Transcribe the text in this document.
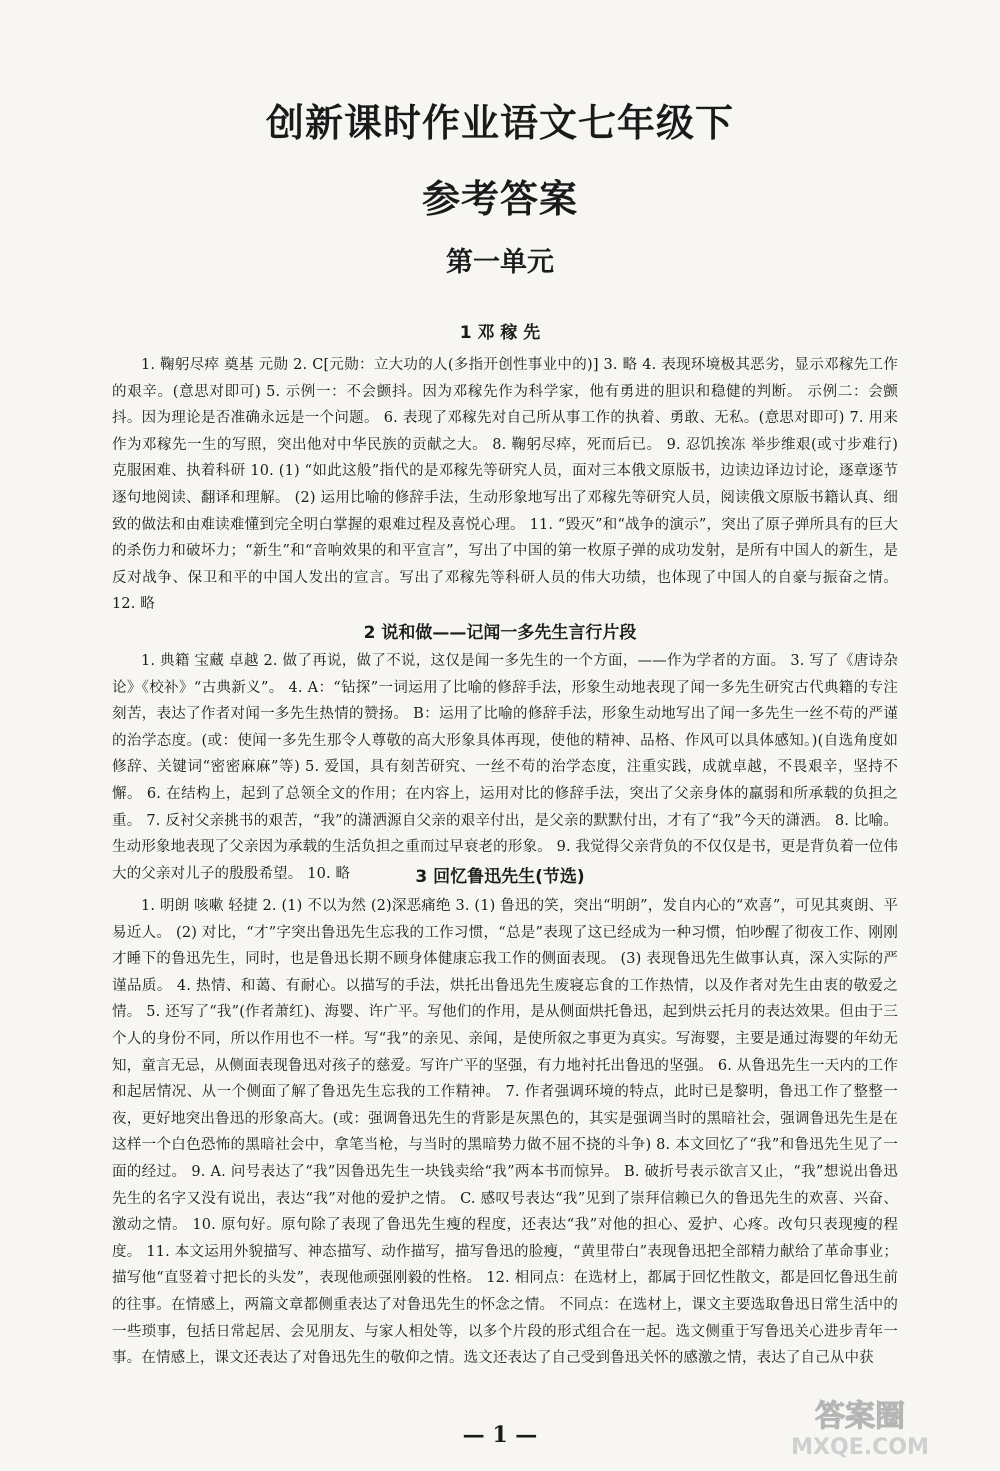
创新课时作业语文七年级下
参考答案
第一单元
1 邓 稼 先

1. 鞠躬尽瘁 奠基 元勋 2. C[元勋：立大功的人(多指开创性事业中的)] 3. 略 4. 表现环境极其恶劣，显示邓稼先工作的艰辛。(意思对即可) 5. 示例一：不会颤抖。因为邓稼先作为科学家，他有勇进的胆识和稳健的判断。 示例二：会颤抖。因为理论是否准确永远是一个问题。 6. 表现了邓稼先对自己所从事工作的执着、勇敢、无私。(意思对即可) 7. 用来作为邓稼先一生的写照，突出他对中华民族的贡献之大。 8. 鞠躬尽瘁，死而后已。 9. 忍饥挨冻 举步维艰(或寸步难行) 克服困难、执着科研 10. (1) “如此这般”指代的是邓稼先等研究人员，面对三本俄文原版书，边读边译边讨论，逐章逐节逐句地阅读、翻译和理解。 (2) 运用比喻的修辞手法，生动形象地写出了邓稼先等研究人员，阅读俄文原版书籍认真、细致的做法和由难读难懂到完全明白掌握的艰难过程及喜悦心理。 11. “毁灭”和“战争的演示”，突出了原子弹所具有的巨大的杀伤力和破坏力；“新生”和“音响效果的和平宣言”，写出了中国的第一枚原子弹的成功发射，是所有中国人的新生，是反对战争、保卫和平的中国人发出的宣言。写出了邓稼先等科研人员的伟大功绩，也体现了中国人的自豪与振奋之情。 12. 略

2 说和做——记闻一多先生言行片段

1. 典籍 宝藏 卓越 2. 做了再说，做了不说，这仅是闻一多先生的一个方面，——作为学者的方面。 3. 写了《唐诗杂论》《校补》“古典新义”。 4. A：“钻探”一词运用了比喻的修辞手法，形象生动地表现了闻一多先生研究古代典籍的专注刻苦，表达了作者对闻一多先生热情的赞扬。 B：运用了比喻的修辞手法，形象生动地写出了闻一多先生一丝不苟的严谨的治学态度。(或：使闻一多先生那令人尊敬的高大形象具体再现，使他的精神、品格、作风可以具体感知。)(自选角度如修辞、关键词“密密麻麻”等) 5. 爱国，具有刻苦研究、一丝不苟的治学态度，注重实践，成就卓越，不畏艰辛，坚持不懈。 6. 在结构上，起到了总领全文的作用；在内容上，运用对比的修辞手法，突出了父亲身体的羸弱和所承载的负担之重。 7. 反衬父亲挑书的艰苦，“我”的潇洒源自父亲的艰辛付出，是父亲的默默付出，才有了“我”今天的潇洒。 8. 比喻。生动形象地表现了父亲因为承载的生活负担之重而过早衰老的形象。 9. 我觉得父亲背负的不仅仅是书，更是背负着一位伟大的父亲对儿子的殷殷希望。 10. 略	3 回忆鲁迅先生(节选)

1. 明朗 咳嗽 轻捷 2. (1) 不以为然 (2)深恶痛绝 3. (1) 鲁迅的笑，突出“明朗”，发自内心的“欢喜”，可见其爽朗、平易近人。 (2) 对比，“才”字突出鲁迅先生忘我的工作习惯，“总是”表现了这已经成为一种习惯，怕吵醒了彻夜工作、刚刚才睡下的鲁迅先生，同时，也是鲁迅长期不顾身体健康忘我工作的侧面表现。 (3) 表现鲁迅先生做事认真，深入实际的严谨品质。 4. 热情、和蔼、有耐心。以描写的手法，烘托出鲁迅先生废寝忘食的工作热情，以及作者对先生由衷的敬爱之情。 5. 还写了“我”(作者萧红)、海婴、许广平。写他们的作用，是从侧面烘托鲁迅，起到烘云托月的表达效果。但由于三个人的身份不同，所以作用也不一样。写“我”的亲见、亲闻，是使所叙之事更为真实。写海婴，主要是通过海婴的年幼无知，童言无忌，从侧面表现鲁迅对孩子的慈爱。写许广平的坚强，有力地衬托出鲁迅的坚强。 6. 从鲁迅先生一天内的工作和起居情况、从一个侧面了解了鲁迅先生忘我的工作精神。 7. 作者强调环境的特点，此时已是黎明，鲁迅工作了整整一夜，更好地突出鲁迅的形象高大。(或：强调鲁迅先生的背影是灰黑色的，其实是强调当时的黑暗社会，强调鲁迅先生是在这样一个白色恐怖的黑暗社会中，拿笔当枪，与当时的黑暗势力做不屈不挠的斗争) 8. 本文回忆了“我”和鲁迅先生见了一面的经过。 9. A. 问号表达了“我”因鲁迅先生一块钱卖给“我”两本书而惊异。 B. 破折号表示欲言又止，“我”想说出鲁迅先生的名字又没有说出，表达“我”对他的爱护之情。 C. 感叹号表达“我”见到了崇拜信赖已久的鲁迅先生的欢喜、兴奋、激动之情。 10. 原句好。原句除了表现了鲁迅先生瘦的程度，还表达“我”对他的担心、爱护、心疼。改句只表现瘦的程度。 11. 本文运用外貌描写、神态描写、动作描写，描写鲁迅的脸瘦，“黄里带白”表现鲁迅把全部精力献给了革命事业；描写他“直竖着寸把长的头发”，表现他顽强刚毅的性格。 12. 相同点：在选材上，都属于回忆性散文，都是回忆鲁迅生前的往事。在情感上，两篇文章都侧重表达了对鲁迅先生的怀念之情。 不同点：在选材上，课文主要选取鲁迅日常生活中的一些琐事，包括日常起居、会见朋友、与家人相处等，以多个片段的形式组合在一起。选文侧重于写鲁迅关心进步青年一事。在情感上，课文还表达了对鲁迅先生的敬仰之情。选文还表达了自己受到鲁迅关怀的感激之情，表达了自己从中获

— 1 —
答案圈
MXQE.COM
